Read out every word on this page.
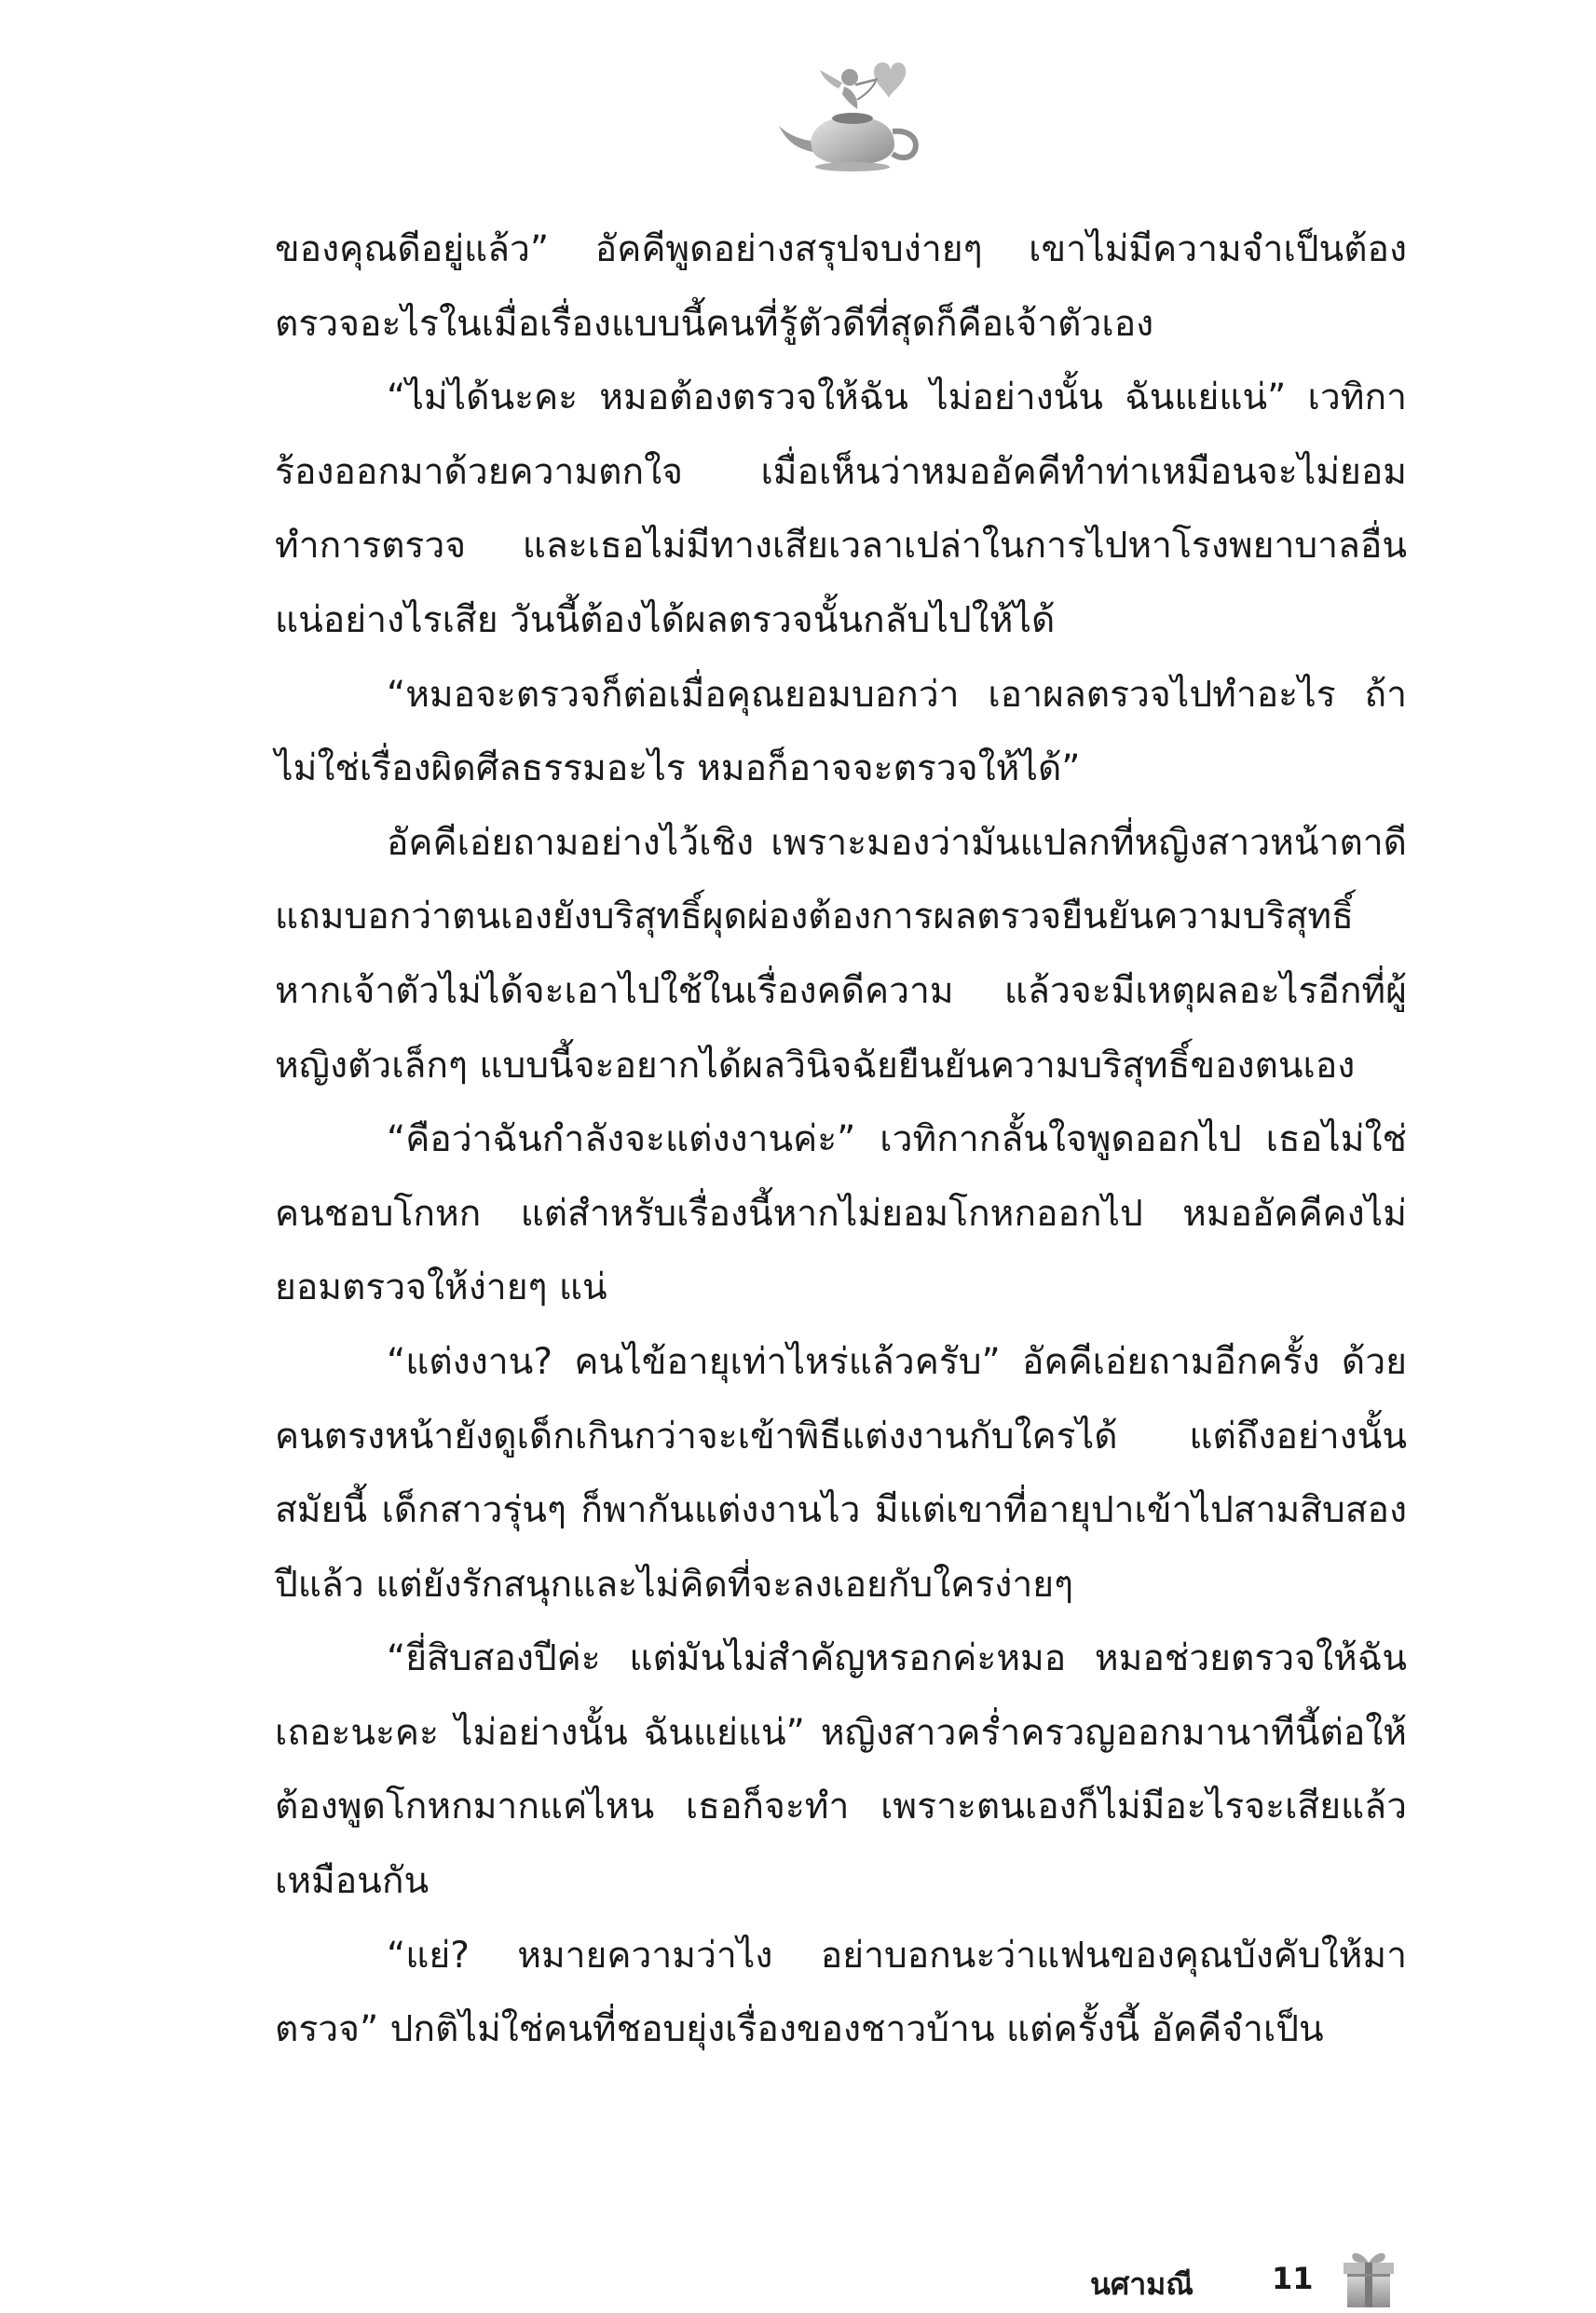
ของคุณดีอยู่แล้ว” อัคคีพูดอย่างสรุปจบง่ายๆ เขาไม่มีความจำเป็นต้องตรวจอะไรในเมื่อเรื่องแบบนี้คนที่รู้ตัวดีที่สุดก็คือเจ้าตัวเอง

“ไม่ได้นะคะ หมอต้องตรวจให้ฉัน ไม่อย่างนั้น ฉันแย่แน่” เวทิการ้องออกมาด้วยความตกใจ เมื่อเห็นว่าหมออัคคีทำท่าเหมือนจะไม่ยอมทำการตรวจ และเธอไม่มีทางเสียเวลาเปล่าในการไปหาโรงพยาบาลอื่นแน่อย่างไรเสีย วันนี้ต้องได้ผลตรวจนั้นกลับไปให้ได้

“หมอจะตรวจก็ต่อเมื่อคุณยอมบอกว่า เอาผลตรวจไปทำอะไร ถ้าไม่ใช่เรื่องผิดศีลธรรมอะไร หมอก็อาจจะตรวจให้ได้”

อัคคีเอ่ยถามอย่างไว้เชิง เพราะมองว่ามันแปลกที่หญิงสาวหน้าตาดี แถมบอกว่าตนเองยังบริสุทธิ์ผุดผ่องต้องการผลตรวจยืนยันความบริสุทธิ์ หากเจ้าตัวไม่ได้จะเอาไปใช้ในเรื่องคดีความ แล้วจะมีเหตุผลอะไรอีกที่ผู้หญิงตัวเล็กๆ แบบนี้จะอยากได้ผลวินิจฉัยยืนยันความบริสุทธิ์ของตนเอง

“คือว่าฉันกำลังจะแต่งงานค่ะ” เวทิกากลั้นใจพูดออกไป เธอไม่ใช่คนชอบโกหก แต่สำหรับเรื่องนี้หากไม่ยอมโกหกออกไป หมออัคคีคงไม่ยอมตรวจให้ง่ายๆ แน่

“แต่งงาน? คนไข้อายุเท่าไหร่แล้วครับ” อัคคีเอ่ยถามอีกครั้ง ด้วยคนตรงหน้ายังดูเด็กเกินกว่าจะเข้าพิธีแต่งงานกับใครได้ แต่ถึงอย่างนั้นสมัยนี้ เด็กสาวรุ่นๆ ก็พากันแต่งงานไว มีแต่เขาที่อายุปาเข้าไปสามสิบสองปีแล้ว แต่ยังรักสนุกและไม่คิดที่จะลงเอยกับใครง่ายๆ

“ยี่สิบสองปีค่ะ แต่มันไม่สำคัญหรอกค่ะหมอ หมอช่วยตรวจให้ฉันเถอะนะคะ ไม่อย่างนั้น ฉันแย่แน่” หญิงสาวคร่ำครวญออกมานาทีนี้ต่อให้ต้องพูดโกหกมากแค่ไหน เธอก็จะทำ เพราะตนเองก็ไม่มีอะไรจะเสียแล้วเหมือนกัน

“แย่? หมายความว่าไง อย่าบอกนะว่าแฟนของคุณบังคับให้มาตรวจ” ปกติไม่ใช่คนที่ชอบยุ่งเรื่องของชาวบ้าน แต่ครั้งนี้ อัคคีจำเป็น

นศามณี	11
